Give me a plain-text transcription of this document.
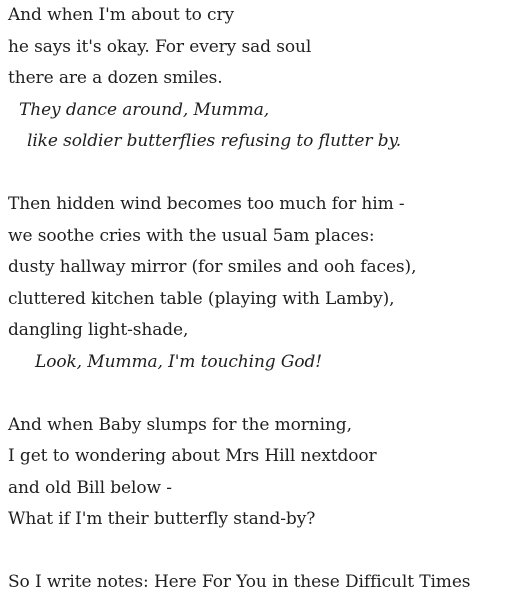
And when I'm about to cry
he says it's okay. For every sad soul
there are a dozen smiles.
They dance around, Mumma,
like soldier butterflies refusing to flutter by.
Then hidden wind becomes too much for him -
we soothe cries with the usual 5am places:
dusty hallway mirror (for smiles and ooh faces),
cluttered kitchen table (playing with Lamby),
dangling light-shade,
Look, Mumma, I'm touching God!
And when Baby slumps for the morning,
I get to wondering about Mrs Hill nextdoor
and old Bill below -
What if I'm their butterfly stand-by?
So I write notes: Here For You in these Difficult Times
